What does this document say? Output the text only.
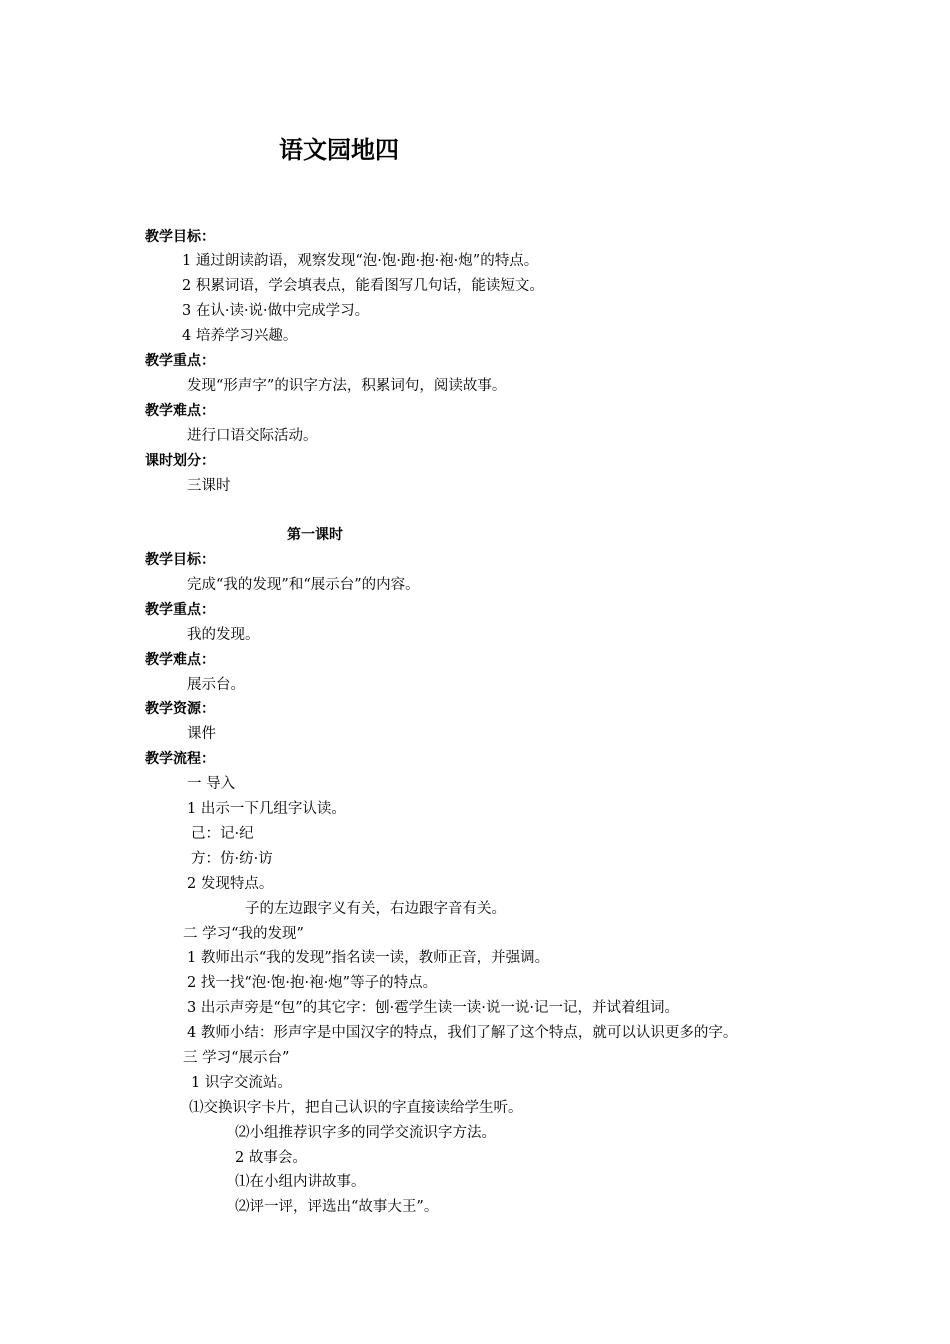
语文园地四
教学目标：
1 通过朗读韵语，观察发现“泡·饱·跑·抱·袍·炮”的特点。
2 积累词语，学会填表点，能看图写几句话，能读短文。
3 在认·读·说·做中完成学习。
4 培养学习兴趣。
教学重点：
发现“形声字”的识字方法，积累词句，阅读故事。
教学难点：
进行口语交际活动。
课时划分：
三课时
第一课时
教学目标：
完成“我的发现”和“展示台”的内容。
教学重点：
我的发现。
教学难点：
展示台。
教学资源：
课件
教学流程：
一 导入
1 出示一下几组字认读。
己：记·纪
方：仿·纺·访
2 发现特点。
子的左边跟字义有关，右边跟字音有关。
二 学习“我的发现”
1 教师出示“我的发现”指名读一读，教师正音，并强调。
2 找一找“泡·饱·抱·袍·炮”等子的特点。
3 出示声旁是“包”的其它字：刨·雹学生读一读·说一说·记一记，并试着组词。
4 教师小结：形声字是中国汉字的特点，我们了解了这个特点，就可以认识更多的字。
三 学习“展示台”
1 识字交流站。
⑴交换识字卡片，把自己认识的字直接读给学生听。
⑵小组推荐识字多的同学交流识字方法。
2 故事会。
⑴在小组内讲故事。
⑵评一评，评选出“故事大王”。
